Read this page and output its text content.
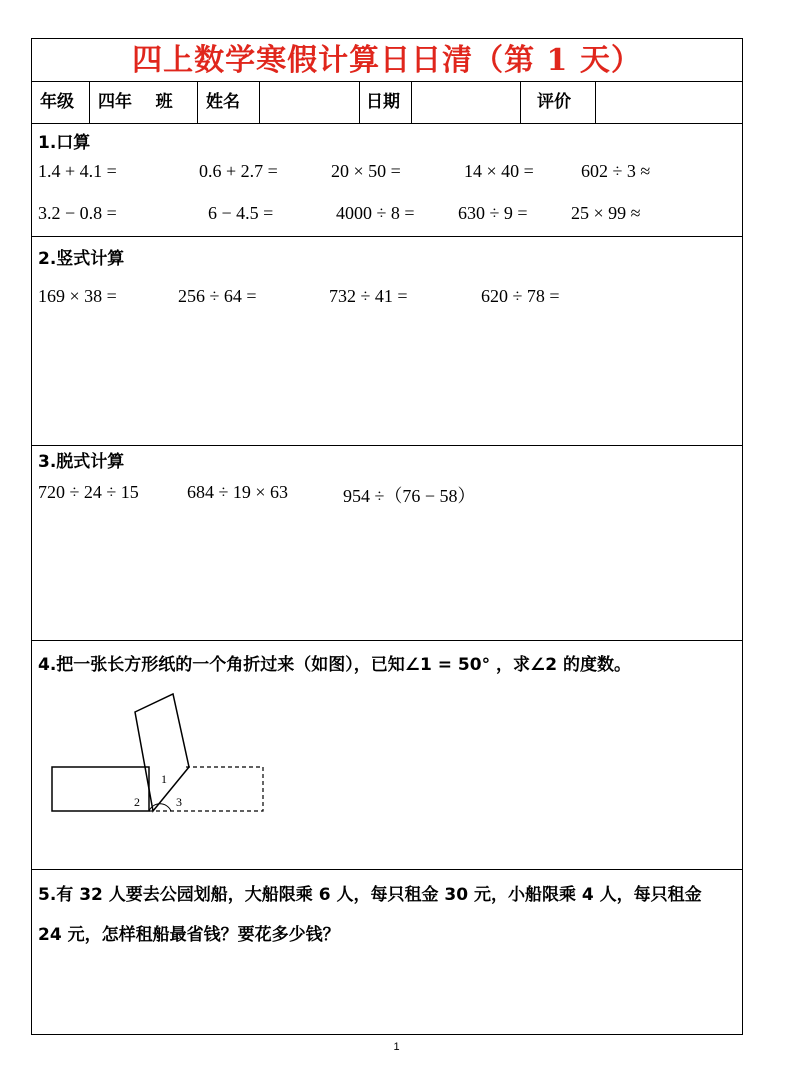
四上数学寒假计算日日清（第 1 天）
年级	四年    班	姓名	日期	评价
1.口算
1.4 + 4.1 =	0.6 + 2.7 =	20 × 50 =	14 × 40 =	602 ÷ 3 ≈
3.2 − 0.8 =	6 − 4.5 =	4000 ÷ 8 = 630 ÷ 9 = 25 × 99 ≈
2.竖式计算
169 × 38 =	256 ÷ 64 =	732 ÷ 41 =	620 ÷ 78 =
3.脱式计算
720 ÷ 24 ÷ 15	684 ÷ 19 × 63	954 ÷（76 − 58）
4.把一张长方形纸的一个角折过来（如图），已知∠1 = 50° ，求∠2 的度数。
1
2	3
5.有 32 人要去公园划船，大船限乘 6 人，每只租金 30 元，小船限乘 4 人，每只租金
24 元，怎样租船最省钱？要花多少钱？
1
